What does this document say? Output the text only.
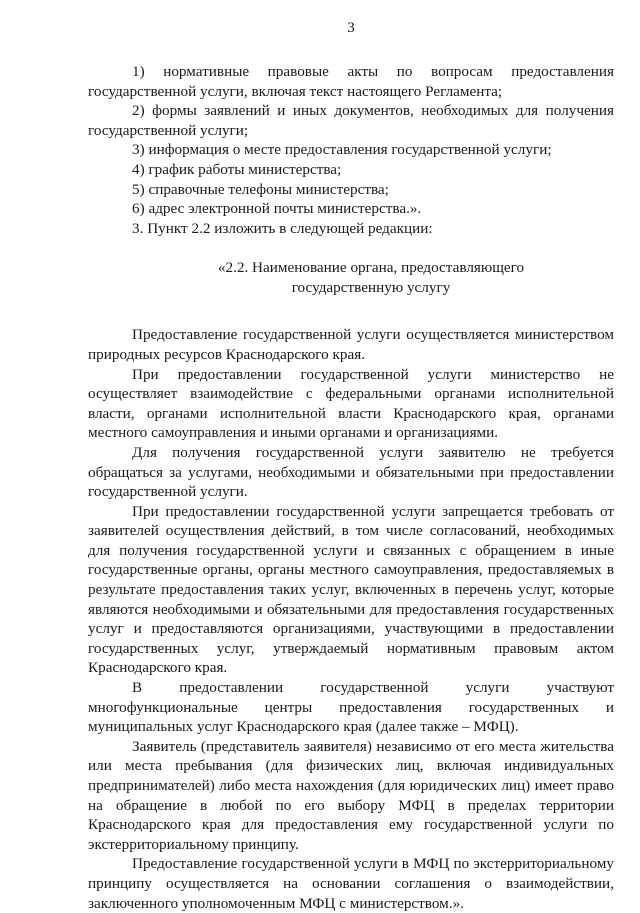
3

1) нормативные правовые акты по вопросам предоставления государственной услуги, включая текст настоящего Регламента;

2) формы заявлений и иных документов, необходимых для получения государственной услуги;

3) информация о месте предоставления государственной услуги;

4) график работы министерства;

5) справочные телефоны министерства;

6) адрес электронной почты министерства.».

3. Пункт 2.2 изложить в следующей редакции:

«2.2. Наименование органа, предоставляющего
государственную услугу

Предоставление государственной услуги осуществляется министерством природных ресурсов Краснодарского края.

При предоставлении государственной услуги министерство не осуществляет взаимодействие с федеральными органами исполнительной власти, органами исполнительной власти Краснодарского края, органами местного самоуправления и иными органами и организациями.

Для получения государственной услуги заявителю не требуется обращаться за услугами, необходимыми и обязательными при предоставлении государственной услуги.

При предоставлении государственной услуги запрещается требовать от заявителей осуществления действий, в том числе согласований, необходимых для получения государственной услуги и связанных с обращением в иные государственные органы, органы местного самоуправления, предоставляемых в результате предоставления таких услуг, включенных в перечень услуг, которые являются необходимыми и обязательными для предоставления государственных услуг и предоставляются организациями, участвующими в предоставлении государственных услуг, утверждаемый нормативным правовым актом Краснодарского края.

В предоставлении государственной услуги участвуют многофункциональные центры предоставления государственных и муниципальных услуг Краснодарского края (далее также – МФЦ).

Заявитель (представитель заявителя) независимо от его места жительства или места пребывания (для физических лиц, включая индивидуальных предпринимателей) либо места нахождения (для юридических лиц) имеет право на обращение в любой по его выбору МФЦ в пределах территории Краснодарского края для предоставления ему государственной услуги по экстерриториальному принципу.

Предоставление государственной услуги в МФЦ по экстерриториальному принципу осуществляется на основании соглашения о взаимодействии, заключенного уполномоченным МФЦ с министерством.».
